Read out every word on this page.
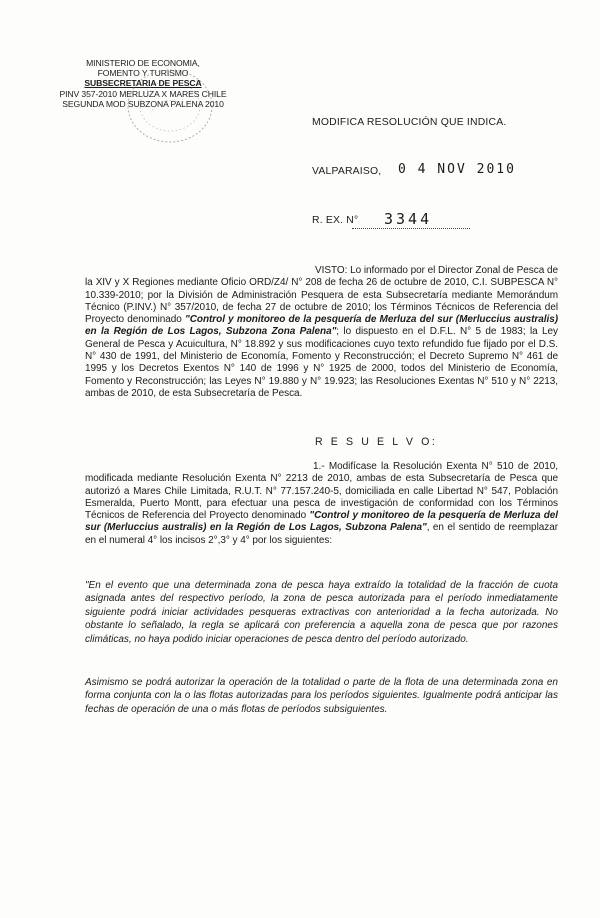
MINISTERIO DE ECONOMIA,
FOMENTO Y TURISMO
SUBSECRETARIA DE PESCA
PINV 357-2010 MERLUZA X MARES CHILE
SEGUNDA MOD SUBZONA PALENA 2010
MODIFICA RESOLUCIÓN QUE INDICA.
VALPARAISO, 0 4 NOV 2010
R. EX. N° 3344

VISTO: Lo informado por el Director Zonal de Pesca de la XIV y X Regiones mediante Oficio ORD/Z4/ N° 208 de fecha 26 de octubre de 2010, C.I. SUBPESCA N° 10.339-2010; por la División de Administración Pesquera de esta Subsecretaría mediante Memorándum Técnico (P.INV.) N° 357/2010, de fecha 27 de octubre de 2010; los Términos Técnicos de Referencia del Proyecto denominado "Control y monitoreo de la pesquería de Merluza del sur (Merluccius australis) en la Región de Los Lagos, Subzona Zona Palena"; lo dispuesto en el D.F.L. N° 5 de 1983; la Ley General de Pesca y Acuicultura, N° 18.892 y sus modificaciones cuyo texto refundido fue fijado por el D.S. N° 430 de 1991, del Ministerio de Economía, Fomento y Reconstrucción; el Decreto Supremo N° 461 de 1995 y los Decretos Exentos N° 140 de 1996 y N° 1925 de 2000, todos del Ministerio de Economía, Fomento y Reconstrucción; las Leyes N° 19.880 y N° 19.923; las Resoluciones Exentas N° 510 y N° 2213, ambas de 2010, de esta Subsecretaría de Pesca.

R E S U E L V O:

1.- Modifícase la Resolución Exenta N° 510 de 2010, modificada mediante Resolución Exenta N° 2213 de 2010, ambas de esta Subsecretaría de Pesca que autorizó a Mares Chile Limitada, R.U.T. N° 77.157.240-5, domiciliada en calle Libertad N° 547, Población Esmeralda, Puerto Montt, para efectuar una pesca de investigación de conformidad con los Términos Técnicos de Referencia del Proyecto denominado "Control y monitoreo de la pesquería de Merluza del sur (Merluccius australis) en la Región de Los Lagos, Subzona Palena", en el sentido de reemplazar en el numeral 4° los incisos 2°,3° y 4° por los siguientes:

"En el evento que una determinada zona de pesca haya extraído la totalidad de la fracción de cuota asignada antes del respectivo período, la zona de pesca autorizada para el período inmediatamente siguiente podrá iniciar actividades pesqueras extractivas con anterioridad a la fecha autorizada. No obstante lo señalado, la regla se aplicará con preferencia a aquella zona de pesca que por razones climáticas, no haya podido iniciar operaciones de pesca dentro del período autorizado.

Asimismo se podrá autorizar la operación de la totalidad o parte de la flota de una determinada zona en forma conjunta con la o las flotas autorizadas para los períodos siguientes. Igualmente podrá anticipar las fechas de operación de una o más flotas de períodos subsiguientes.
